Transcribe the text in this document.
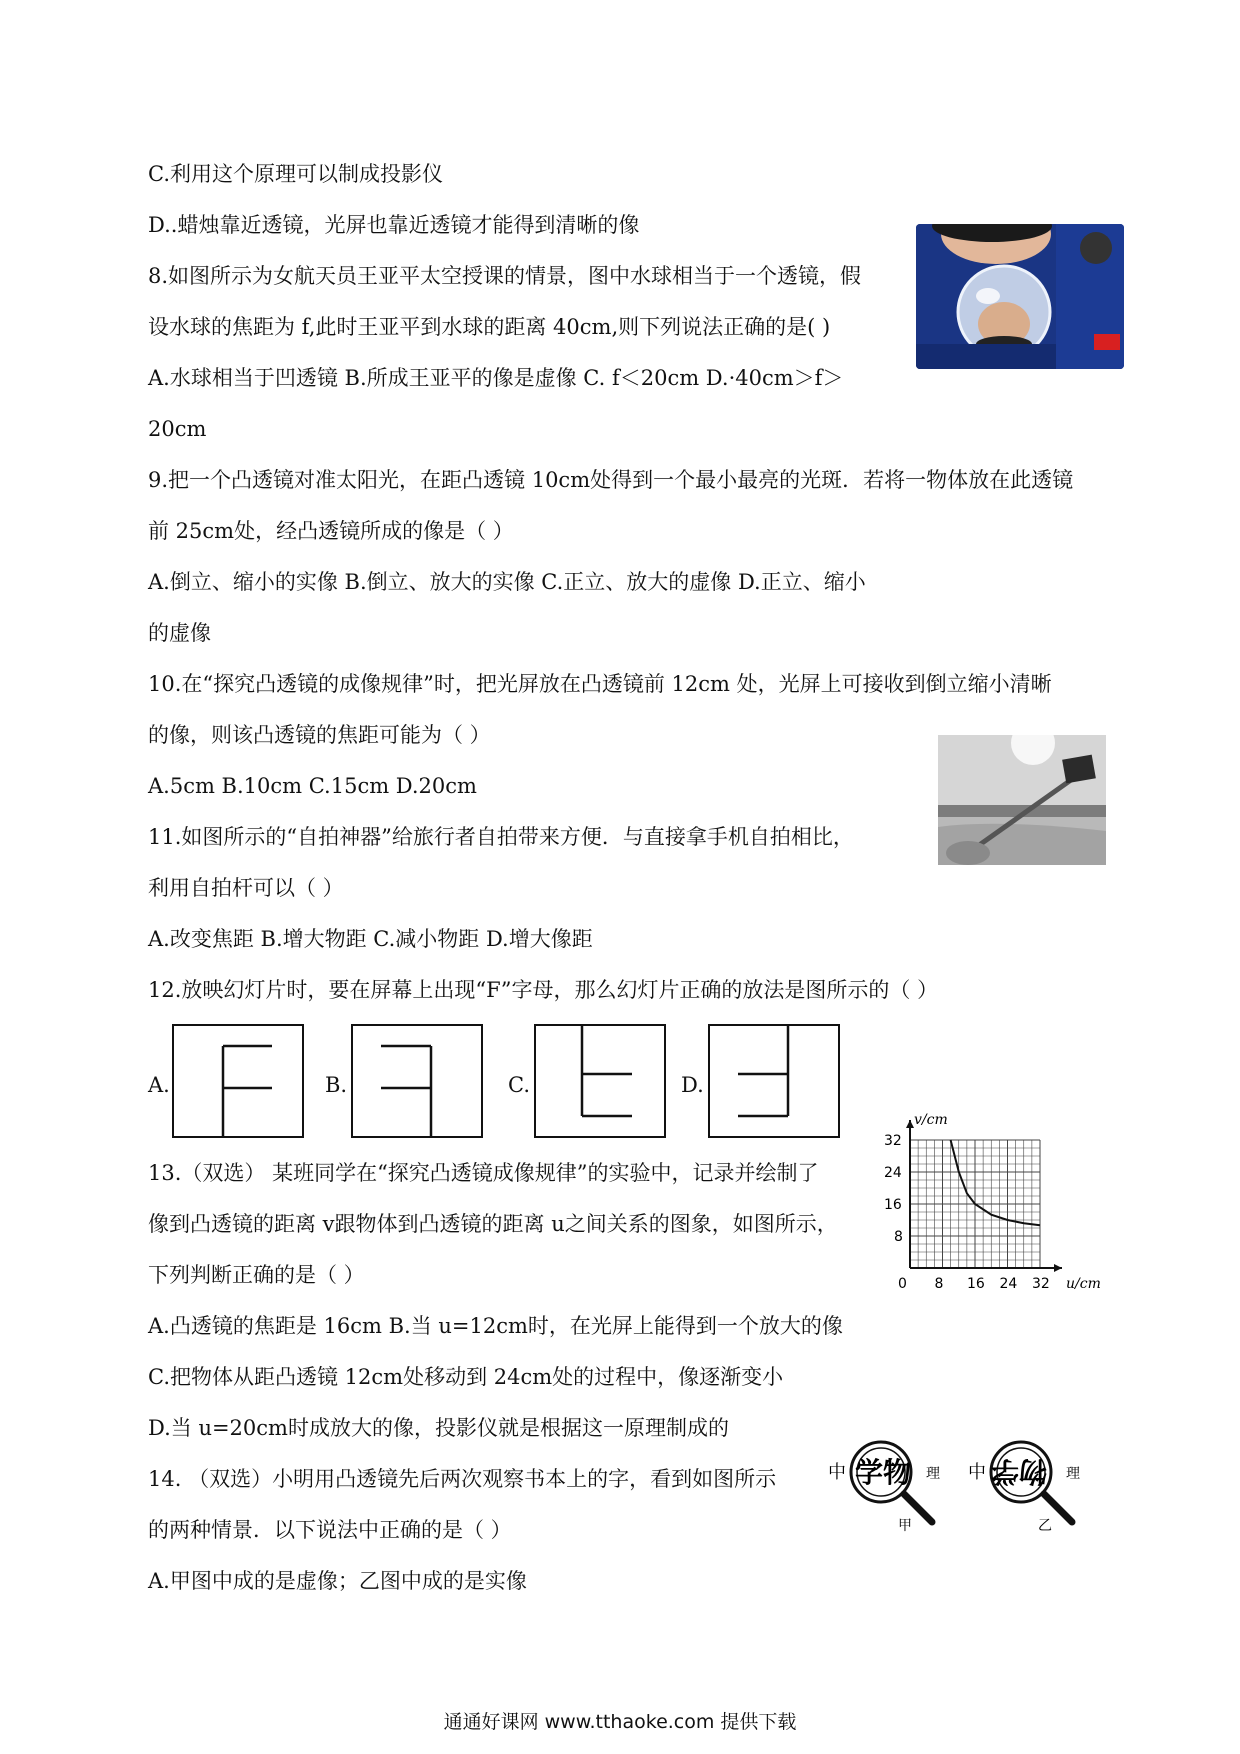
C.利用这个原理可以制成投影仪
D..蜡烛靠近透镜，光屏也靠近透镜才能得到清晰的像
8.如图所示为女航天员王亚平太空授课的情景，图中水球相当于一个透镜，假
设水球的焦距为 f,此时王亚平到水球的距离 40cm,则下列说法正确的是( )
A.水球相当于凹透镜 B.所成王亚平的像是虚像 C. f＜20cm D.·40cm＞f＞
20cm
9.把一个凸透镜对准太阳光，在距凸透镜 10cm处得到一个最小最亮的光斑．若将一物体放在此透镜
前 25cm处，经凸透镜所成的像是（ ）
A.倒立、缩小的实像 B.倒立、放大的实像 C.正立、放大的虚像 D.正立、缩小
的虚像
10.在“探究凸透镜的成像规律”时，把光屏放在凸透镜前 12cm 处，光屏上可接收到倒立缩小清晰
的像，则该凸透镜的焦距可能为（ ）
A.5cm B.10cm C.15cm D.20cm
11.如图所示的“自拍神器”给旅行者自拍带来方便．与直接拿手机自拍相比，
利用自拍杆可以（ ）
A.改变焦距 B.增大物距 C.减小物距 D.增大像距
12.放映幻灯片时，要在屏幕上出现“F”字母，那么幻灯片正确的放法是图所示的（ ）
13.（双选） 某班同学在“探究凸透镜成像规律”的实验中，记录并绘制了
像到凸透镜的距离 v跟物体到凸透镜的距离 u之间关系的图象，如图所示，
下列判断正确的是（ ）
A.凸透镜的焦距是 16cm B.当 u=12cm时，在光屏上能得到一个放大的像
C.把物体从距凸透镜 12cm处移动到 24cm处的过程中，像逐渐变小
D.当 u=20cm时成放大的像，投影仪就是根据这一原理制成的
14. （双选）小明用凸透镜先后两次观察书本上的字，看到如图所示
的两种情景．以下说法中正确的是（ ）
A.甲图中成的是虚像；乙图中成的是实像
A.	B.	C.	D.
0 8 16 24 32
8
16
24
32
v/cm
u/cm
中 学物 理
甲
中 物学 理
乙
通通好课网 www.tthaoke.com 提供下载
